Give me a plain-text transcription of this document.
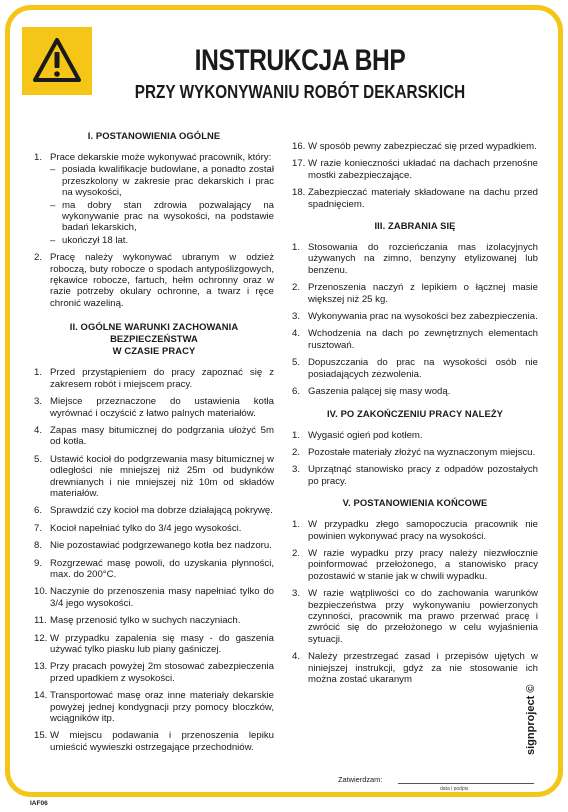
INSTRUKCJA BHP
PRZY WYKONYWANIU ROBÓT DEKARSKICH
I. POSTANOWIENIA OGÓLNE
1. Prace dekarskie może wykonywać pracownik, który:
– posiada kwalifikacje budowlane, a ponadto został przeszkolony w zakresie prac dekarskich i prac na wysokości,
– ma dobry stan zdrowia pozwalający na wykonywanie prac na wysokości, na podstawie badań lekarskich,
– ukończył 18 lat.
2. Pracę należy wykonywać ubranym w odzież roboczą, buty robocze o spodach antypoślizgowych, rękawice robocze, fartuch, hełm ochronny oraz w razie potrzeby okulary ochronne, a twarz i ręce chronić wazeliną.
II. OGÓLNE WARUNKI ZACHOWANIA BEZPIECZEŃSTWA
W CZASIE PRACY
1. Przed przystąpieniem do pracy zapoznać się z zakresem robót i miejscem pracy.
3. Miejsce przeznaczone do ustawienia kotła wyrównać i oczyścić z łatwo palnych materiałów.
4. Zapas masy bitumicznej do podgrzania ułożyć 5m od kotła.
5. Ustawić kocioł do podgrzewania masy bitumicznej w odległości nie mniejszej niż 25m od budynków drewnianych i nie mniejszej niż 10m od składów materiałów.
6. Sprawdzić czy kocioł ma dobrze działającą pokrywę.
7. Kocioł napełniać tylko do 3/4 jego wysokości.
8. Nie pozostawiać podgrzewanego kotła bez nadzoru.
9. Rozgrzewać masę powoli, do uzyskania płynności, max. do 200°C.
10. Naczynie do przenoszenia masy napełniać tylko do 3/4 jego wysokości.
11. Masę przenosić tylko w suchych naczyniach.
12. W przypadku zapalenia się masy - do gaszenia używać tylko piasku lub piany gaśniczej.
13. Przy pracach powyżej 2m stosować zabezpieczenia przed upadkiem z wysokości.
14. Transportować masę oraz inne materiały dekarskie powyżej jednej kondygnacji przy pomocy bloczków, wciągników itp.
15. W miejscu podawania i przenoszenia lepiku umieścić wywieszki ostrzegające przechodniów.
16. W sposób pewny zabezpieczać się przed wypadkiem.
17. W razie konieczności układać na dachach przenośne mostki zabezpieczające.
18. Zabezpieczać materiały składowane na dachu przed spadnięciem.
III. ZABRANIA SIĘ
1. Stosowania do rozcieńczania mas izolacyjnych używanych na zimno, benzyny etylizowanej lub benzenu.
2. Przenoszenia naczyń z lepikiem o łącznej masie większej niż 25 kg.
3. Wykonywania prac na wysokości bez zabezpieczenia.
4. Wchodzenia na dach po zewnętrznych elementach rusztowań.
5. Dopuszczania do prac na wysokości osób nie posiadających zezwolenia.
6. Gaszenia palącej się masy wodą.
IV. PO ZAKOŃCZENIU PRACY NALEŻY
1. Wygasić ogień pod kotłem.
2. Pozostałe materiały złożyć na wyznaczonym miejscu.
3. Uprzątnąć stanowisko pracy z odpadów pozostałych po pracy.
V. POSTANOWIENIA KOŃCOWE
1. W przypadku złego samopoczucia pracownik nie powinien wykonywać pracy na wysokości.
2. W razie wypadku przy pracy należy niezwłocznie poinformować przełożonego, a stanowisko pracy pozostawić w stanie jak w chwili wypadku.
3. W razie wątpliwości co do zachowania warunków bezpieczeństwa przy wykonywaniu powierzonych czynności, pracownik ma prawo przerwać pracę i zwrócić się do przełożonego w celu wyjaśnienia sytuacji.
4. Należy przestrzegać zasad i przepisów ujętych w niniejszej instrukcji, gdyż za nie stosowanie ich można zostać ukaranym
Zatwierdzam:
data i podpis
IAF06
signproject ©
